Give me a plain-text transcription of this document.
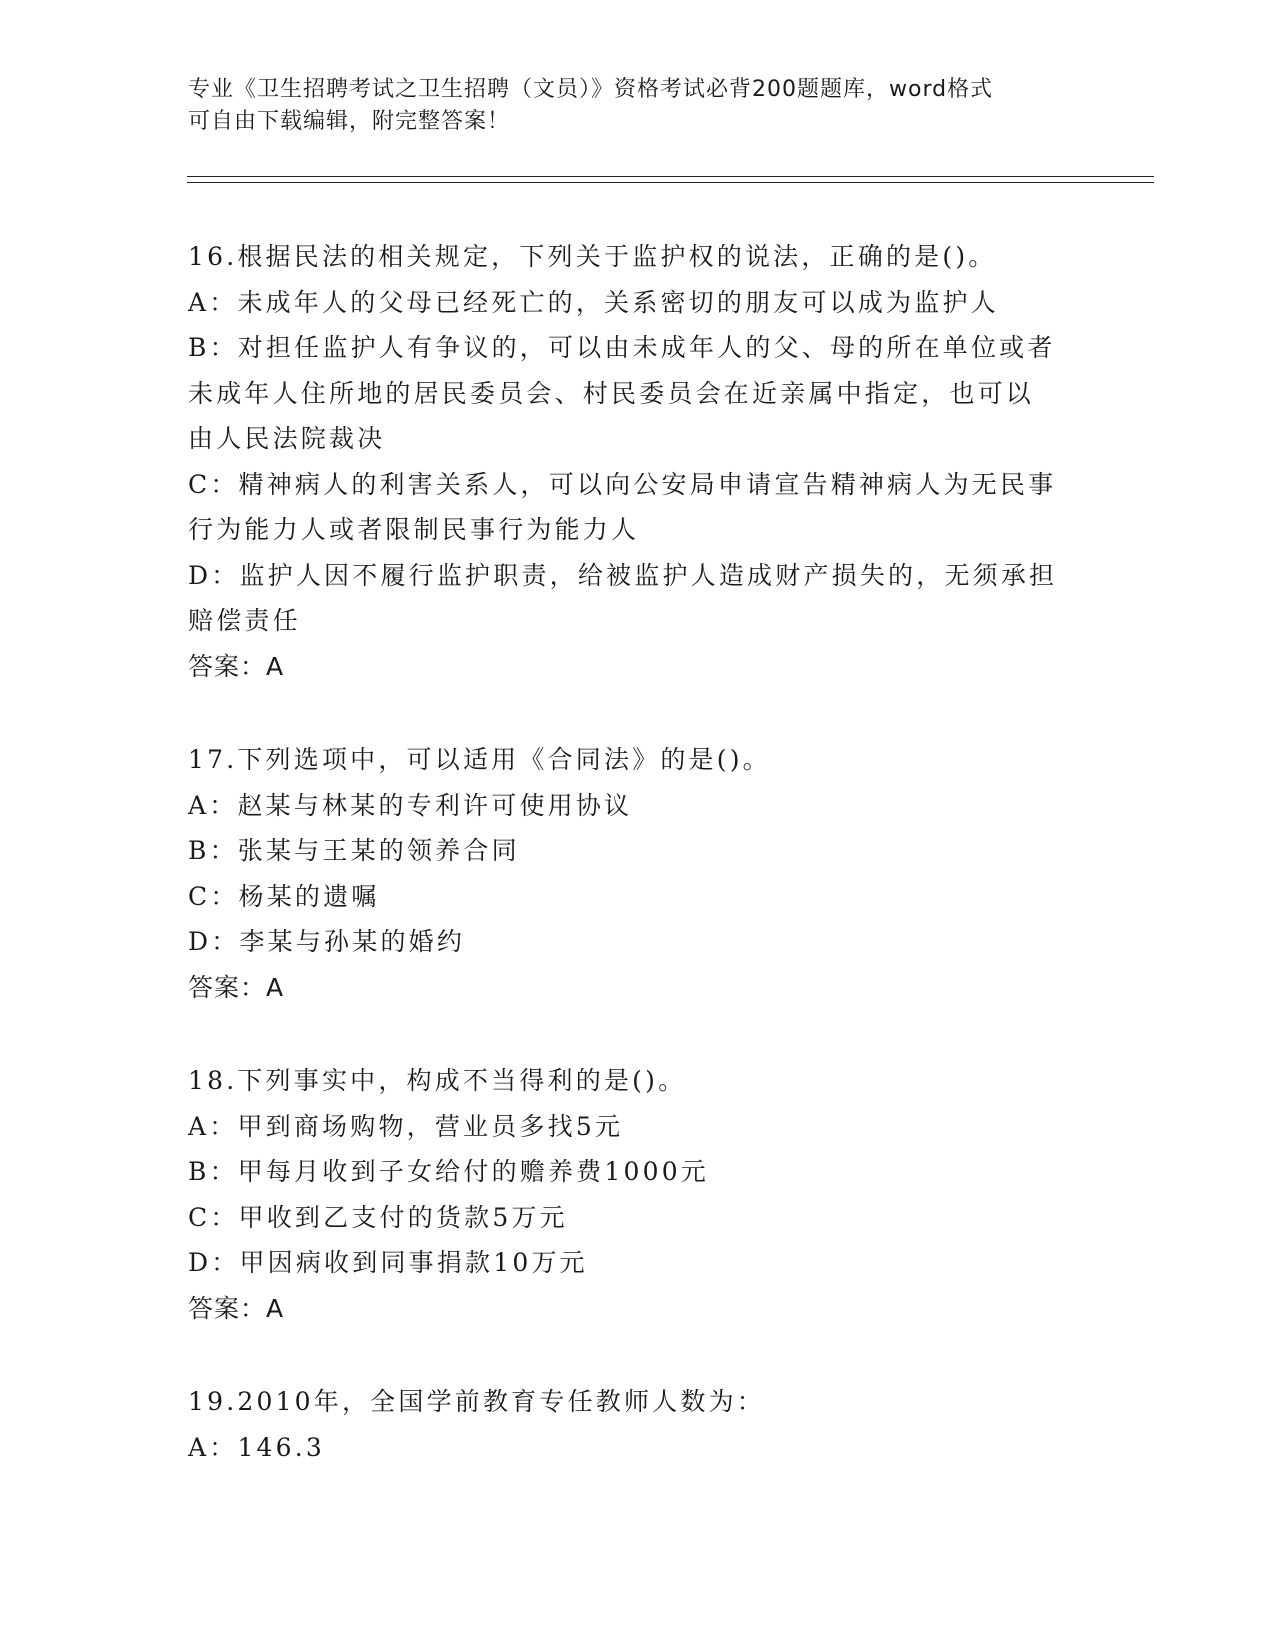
专业《卫生招聘考试之卫生招聘（文员）》资格考试必背200题题库，word格式
可自由下载编辑，附完整答案！
16.根据民法的相关规定，下列关于监护权的说法，正确的是()。
A：未成年人的父母已经死亡的，关系密切的朋友可以成为监护人
B：对担任监护人有争议的，可以由未成年人的父、母的所在单位或者
未成年人住所地的居民委员会、村民委员会在近亲属中指定，也可以
由人民法院裁决
C：精神病人的利害关系人，可以向公安局申请宣告精神病人为无民事
行为能力人或者限制民事行为能力人
D：监护人因不履行监护职责，给被监护人造成财产损失的，无须承担
赔偿责任
答案：A
17.下列选项中，可以适用《合同法》的是()。
A：赵某与林某的专利许可使用协议
B：张某与王某的领养合同
C：杨某的遗嘱
D：李某与孙某的婚约
答案：A
18.下列事实中，构成不当得利的是()。
A：甲到商场购物，营业员多找5元
B：甲每月收到子女给付的赡养费1000元
C：甲收到乙支付的货款5万元
D：甲因病收到同事捐款10万元
答案：A
19.2010年，全国学前教育专任教师人数为：
A：146.3
